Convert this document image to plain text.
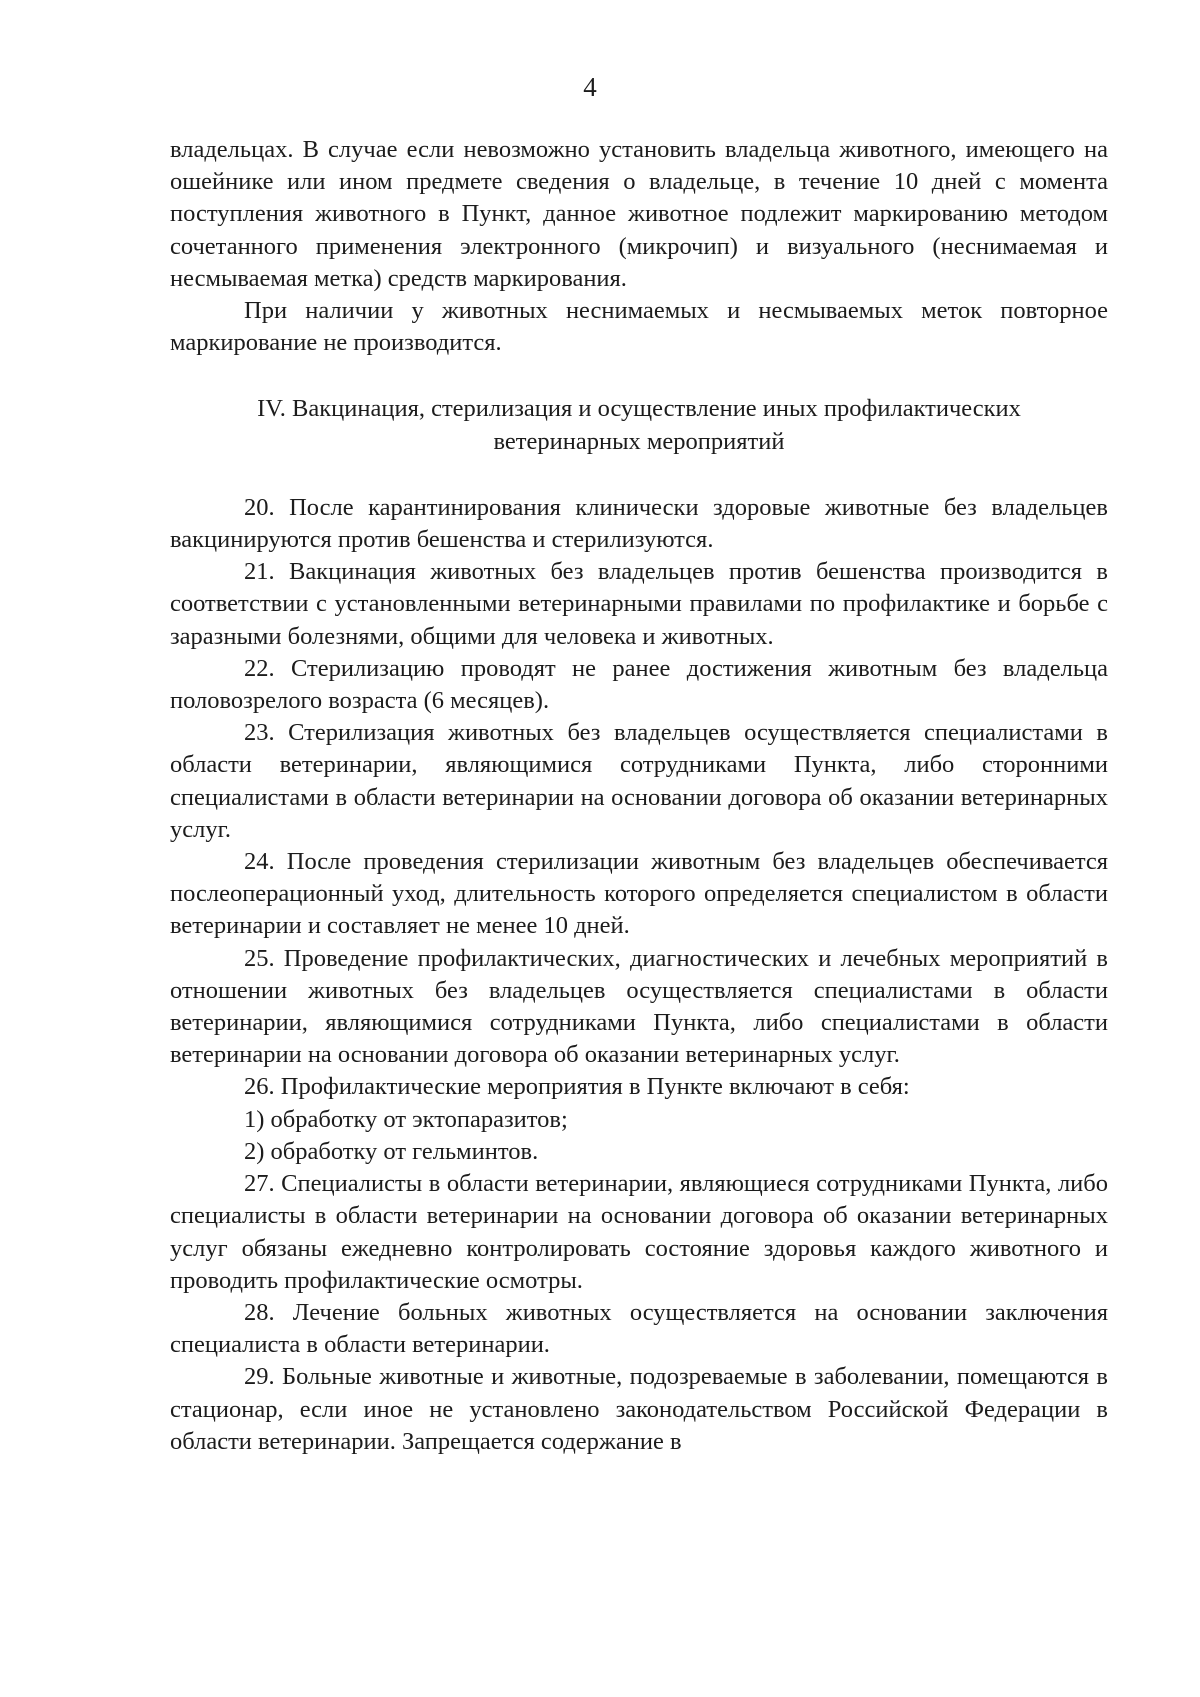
4

владельцах. В случае если невозможно установить владельца животного, имеющего на ошейнике или ином предмете сведения о владельце, в течение 10 дней с момента поступления животного в Пункт, данное животное подлежит маркированию методом сочетанного применения электронного (микрочип) и визуального (неснимаемая и несмываемая метка) средств маркирования.

При наличии у животных неснимаемых и несмываемых меток повторное маркирование не производится.

IV. Вакцинация, стерилизация и осуществление иных профилактических
ветеринарных мероприятий

20. После карантинирования клинически здоровые животные без владельцев вакцинируются против бешенства и стерилизуются.

21. Вакцинация животных без владельцев против бешенства производится в соответствии с установленными ветеринарными правилами по профилактике и борьбе с заразными болезнями, общими для человека и животных.

22. Стерилизацию проводят не ранее достижения животным без владельца половозрелого возраста (6 месяцев).

23. Стерилизация животных без владельцев осуществляется специалистами в области ветеринарии, являющимися сотрудниками Пункта, либо сторонними специалистами в области ветеринарии на основании договора об оказании ветеринарных услуг.

24. После проведения стерилизации животным без владельцев обеспечивается послеоперационный уход, длительность которого определяется специалистом в области ветеринарии и составляет не менее 10 дней.

25. Проведение профилактических, диагностических и лечебных мероприятий в отношении животных без владельцев осуществляется специалистами в области ветеринарии, являющимися сотрудниками Пункта, либо специалистами в области ветеринарии на основании договора об оказании ветеринарных услуг.

26. Профилактические мероприятия в Пункте включают в себя:

1) обработку от эктопаразитов;

2) обработку от гельминтов.

27. Специалисты в области ветеринарии, являющиеся сотрудниками Пункта, либо специалисты в области ветеринарии на основании договора об оказании ветеринарных услуг обязаны ежедневно контролировать состояние здоровья каждого животного и проводить профилактические осмотры.

28. Лечение больных животных осуществляется на основании заключения специалиста в области ветеринарии.

29. Больные животные и животные, подозреваемые в заболевании, помещаются в стационар, если иное не установлено законодательством Российской Федерации в области ветеринарии. Запрещается содержание в
